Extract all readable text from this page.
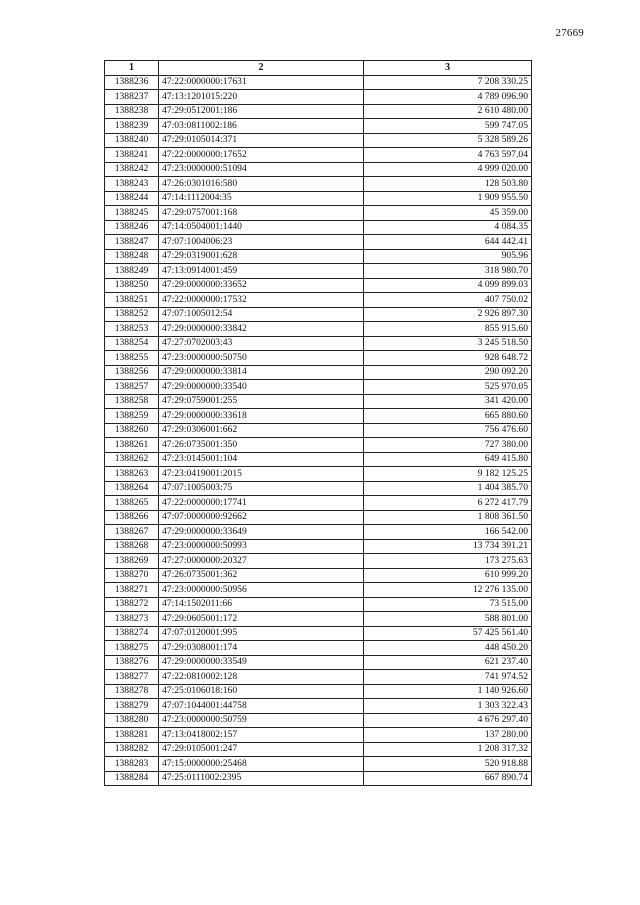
27669
1	2	3
1388236	47:22:0000000:17631	7 208 330.25
1388237	47:13:1201015:220	4 789 096.90
1388238	47:29:0512001:186	2 610 480.00
1388239	47:03:0811002:186	599 747.05
1388240	47:29:0105014:371	5 328 589.26
1388241	47:22:0000000:17652	4 763 597.04
1388242	47:23:0000000:51094	4 999 020.00
1388243	47:26:0301016:580	128 503.80
1388244	47:14:1112004:35	1 909 955.50
1388245	47:29:0757001:168	45 359.00
1388246	47:14:0504001:1440	4 084.35
1388247	47:07:1004006:23	644 442.41
1388248	47:29:0319001:628	905.96
1388249	47:13:0914001:459	318 980.70
1388250	47:29:0000000:33652	4 099 899.03
1388251	47:22:0000000:17532	407 750.02
1388252	47:07:1005012:54	2 926 897.30
1388253	47:29:0000000:33842	855 915.60
1388254	47:27:0702003:43	3 245 518.50
1388255	47:23:0000000:50750	928 648.72
1388256	47:29:0000000:33814	290 092.20
1388257	47:29:0000000:33540	525 970.05
1388258	47:29:0759001:255	341 420.00
1388259	47:29:0000000:33618	665 880.60
1388260	47:29:0306001:662	756 476.60
1388261	47:26:0735001:350	727 380.00
1388262	47:23:0145001:104	649 415.80
1388263	47:23:0419001:2015	9 182 125.25
1388264	47:07:1005003:75	1 404 385.70
1388265	47:22:0000000:17741	6 272 417.79
1388266	47:07:0000000:92662	1 808 361.50
1388267	47:29:0000000:33649	166 542.00
1388268	47:23:0000000:50993	13 734 391.21
1388269	47:27:0000000:20327	173 275.63
1388270	47:26:0735001:362	610 999.20
1388271	47:23:0000000:50956	12 276 135.00
1388272	47:14:1502011:66	73 515.00
1388273	47:29:0605001:172	588 801.00
1388274	47:07:0120001:995	57 425 561.40
1388275	47:29:0308001:174	448 450.20
1388276	47:29:0000000:33549	621 237.40
1388277	47:22:0810002:128	741 974.52
1388278	47:25:0106018:160	1 140 926.60
1388279	47:07:1044001:44758	1 303 322.43
1388280	47:23:0000000:50759	4 676 297.40
1388281	47:13:0418002:157	137 280.00
1388282	47:29:0105001:247	1 208 317.32
1388283	47:15:0000000:25468	520 918.88
1388284	47:25:0111002:2395	667 890.74
